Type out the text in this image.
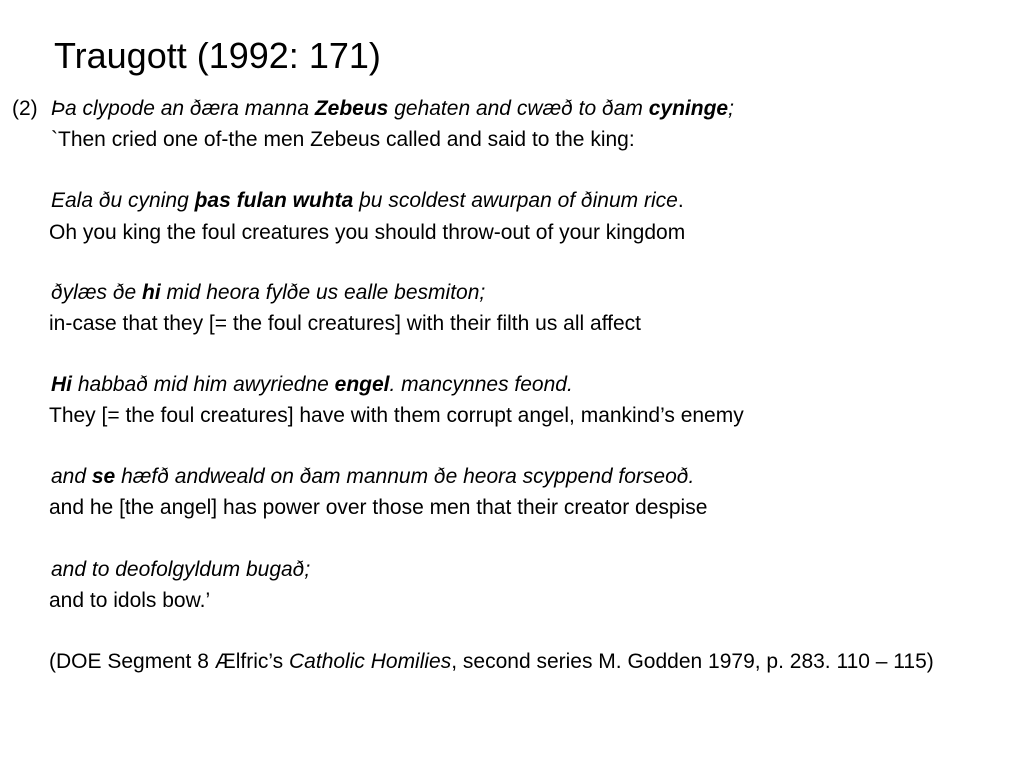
Traugott (1992: 171)
(2) Þa clypode an ðæra manna Zebeus gehaten and cwæð to ðam cyninge;
`Then cried one of-the men Zebeus called and said to the king:
Eala ðu cyning þas fulan wuhta þu scoldest awurpan of ðinum rice.
Oh you king the foul creatures you should throw-out of your kingdom
ðylæs ðe hi mid heora fylðe us ealle besmiton;
in-case that they [= the foul creatures] with their filth us all affect
Hi habbað mid him awyriedne engel. mancynnes feond.
They [= the foul creatures] have with them corrupt angel, mankind’s enemy
and se hæfð andweald on ðam mannum ðe heora scyppend forseoð.
and he [the angel] has power over those men that their creator despise
and to deofolgyldum bugað;
and to idols bow.’
(DOE Segment 8 Ælfric’s Catholic Homilies, second series M. Godden 1979, p. 283. 110 – 115)
